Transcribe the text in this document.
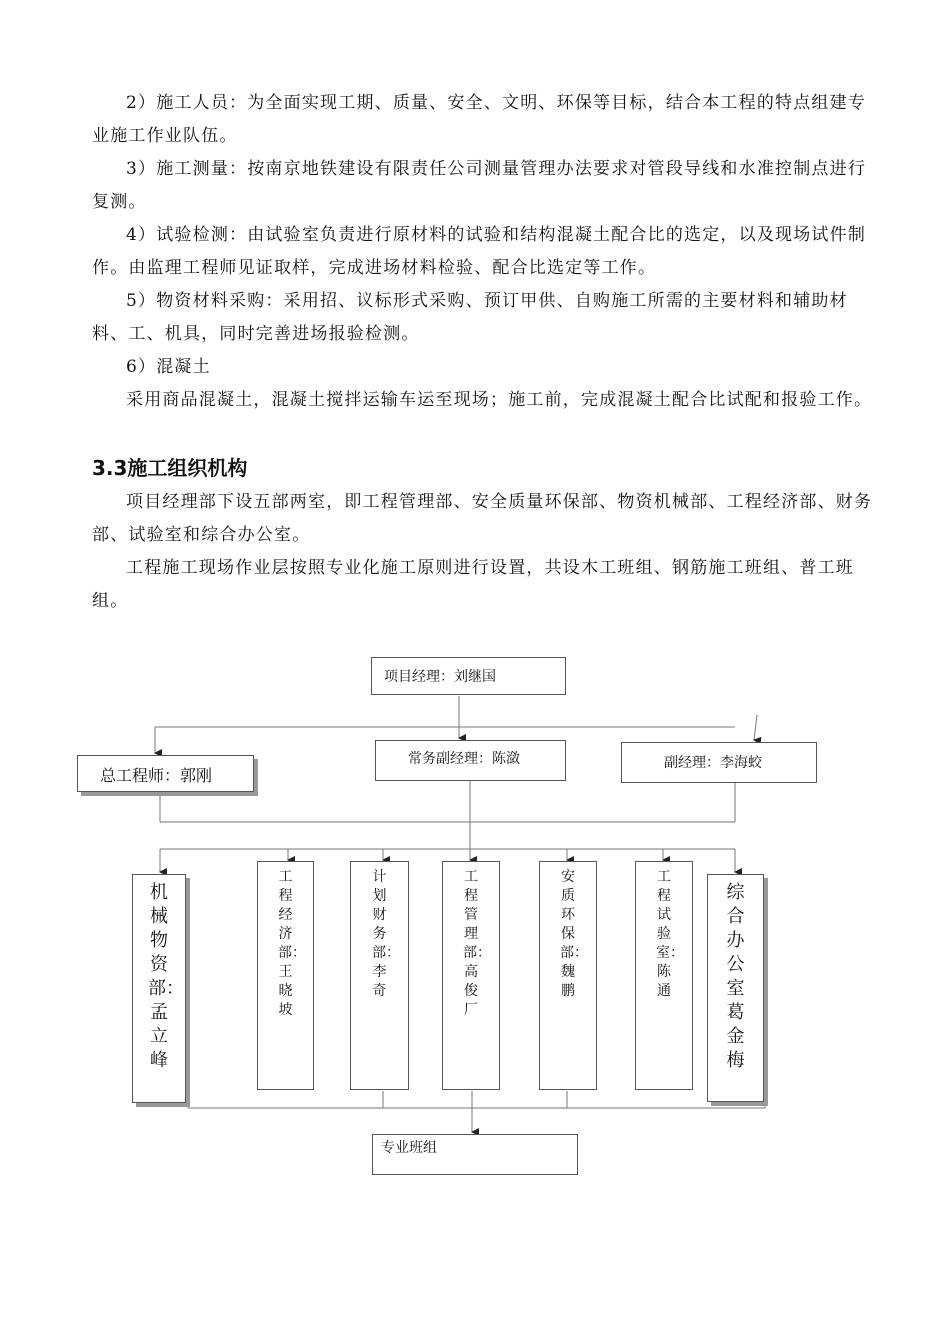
2）施工人员：为全面实现工期、质量、安全、文明、环保等目标，结合本工程的特点组建专业施工作业队伍。

3）施工测量：按南京地铁建设有限责任公司测量管理办法要求对管段导线和水准控制点进行复测。

4）试验检测：由试验室负责进行原材料的试验和结构混凝土配合比的选定，以及现场试件制作。由监理工程师见证取样，完成进场材料检验、配合比选定等工作。

5）物资材料采购：采用招、议标形式采购、预订甲供、自购施工所需的主要材料和辅助材料、工、机具，同时完善进场报验检测。

6）混凝土

采用商品混凝土，混凝土搅拌运输车运至现场；施工前，完成混凝土配合比试配和报验工作。

3.3施工组织机构

项目经理部下设五部两室，即工程管理部、安全质量环保部、物资机械部、工程经济部、财务部、试验室和综合办公室。

工程施工现场作业层按照专业化施工原则进行设置，共设木工班组、钢筋施工班组、普工班组。

项目经理：刘继国
总工程师：郭刚
常务副经理：陈潋	副经理：李海蛟
机械物资部：孟立峰
工程经济部：王晓坡
计划财务部：李　奇
工程管理部：高俊厂
安质环保部：魏　鹏
工程试验室：陈　通
综合办公室葛金梅
专业班组
